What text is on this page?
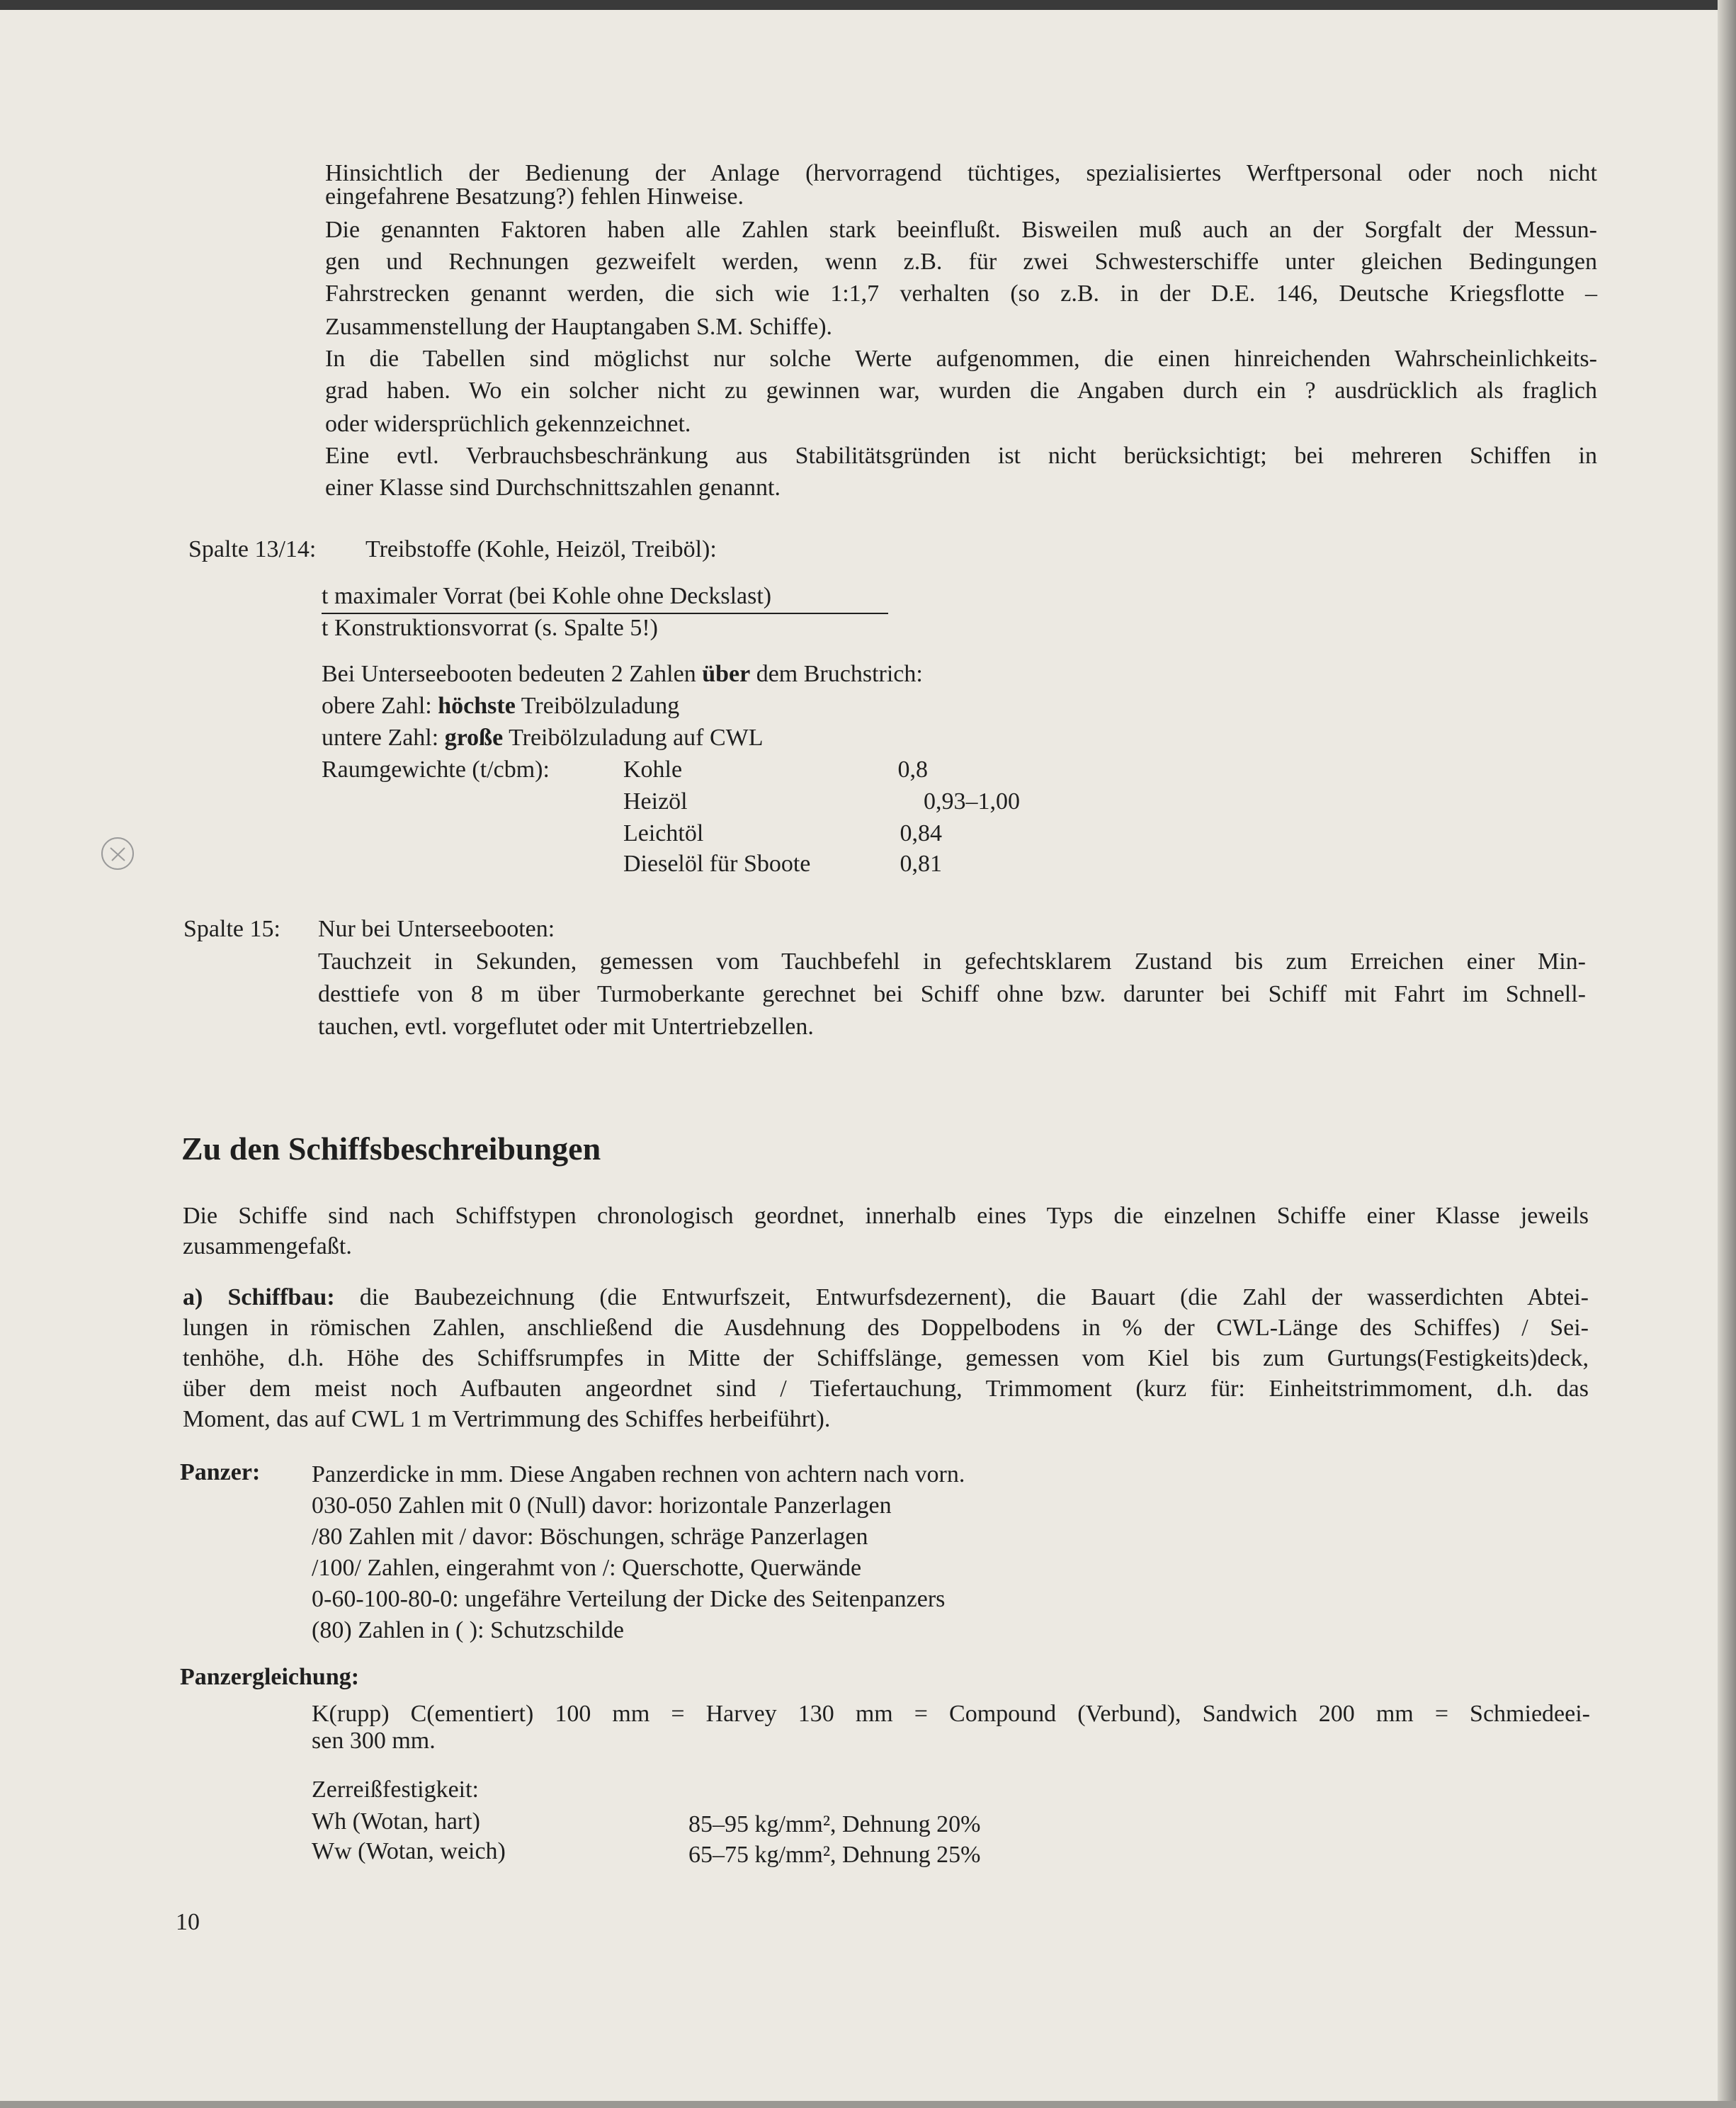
Hinsichtlich der Bedienung der Anlage (hervorragend tüchtiges, spezialisiertes Werftpersonal oder noch nicht
eingefahrene Besatzung?) fehlen Hinweise.
Die genannten Faktoren haben alle Zahlen stark beeinflußt. Bisweilen muß auch an der Sorgfalt der Messun-
gen und Rechnungen gezweifelt werden, wenn z.B. für zwei Schwesterschiffe unter gleichen Bedingungen
Fahrstrecken genannt werden, die sich wie 1:1,7 verhalten (so z.B. in der D.E. 146, Deutsche Kriegsflotte –
Zusammenstellung der Hauptangaben S.M. Schiffe).
In die Tabellen sind möglichst nur solche Werte aufgenommen, die einen hinreichenden Wahrscheinlichkeits-
grad haben. Wo ein solcher nicht zu gewinnen war, wurden die Angaben durch ein ? ausdrücklich als fraglich
oder widersprüchlich gekennzeichnet.
Eine evtl. Verbrauchsbeschränkung aus Stabilitätsgründen ist nicht berücksichtigt; bei mehreren Schiffen in
einer Klasse sind Durchschnittszahlen genannt.
Spalte 13/14: Treibstoffe (Kohle, Heizöl, Treiböl):
t maximaler Vorrat (bei Kohle ohne Deckslast)
t Konstruktionsvorrat (s. Spalte 5!)
Bei Unterseebooten bedeuten 2 Zahlen über dem Bruchstrich:
obere Zahl: höchste Treibölzuladung
untere Zahl: große Treibölzuladung auf CWL
Raumgewichte (t/cbm):	Kohle	0,8
Heizöl	0,93–1,00
Leichtöl	0,84
Dieselöl für Sboote	0,81
Spalte 15: Nur bei Unterseebooten:
Tauchzeit in Sekunden, gemessen vom Tauchbefehl in gefechtsklarem Zustand bis zum Erreichen einer Min-
desttiefe von 8 m über Turmoberkante gerechnet bei Schiff ohne bzw. darunter bei Schiff mit Fahrt im Schnell-
tauchen, evtl. vorgeflutet oder mit Untertriebzellen.
Zu den Schiffsbeschreibungen
Die Schiffe sind nach Schiffstypen chronologisch geordnet, innerhalb eines Typs die einzelnen Schiffe einer Klasse jeweils
zusammengefaßt.
a) Schiffbau: die Baubezeichnung (die Entwurfszeit, Entwurfsdezernent), die Bauart (die Zahl der wasserdichten Abtei-
lungen in römischen Zahlen, anschließend die Ausdehnung des Doppelbodens in % der CWL-Länge des Schiffes) / Sei-
tenhöhe, d.h. Höhe des Schiffsrumpfes in Mitte der Schiffslänge, gemessen vom Kiel bis zum Gurtungs(Festigkeits)deck,
über dem meist noch Aufbauten angeordnet sind / Tiefertauchung, Trimmoment (kurz für: Einheitstrimmoment, d.h. das
Moment, das auf CWL 1 m Vertrimmung des Schiffes herbeiführt).
Panzer: Panzerdicke in mm. Diese Angaben rechnen von achtern nach vorn.
030-050 Zahlen mit 0 (Null) davor: horizontale Panzerlagen
/80 Zahlen mit / davor: Böschungen, schräge Panzerlagen
/100/ Zahlen, eingerahmt von /: Querschotte, Querwände
0-60-100-80-0: ungefähre Verteilung der Dicke des Seitenpanzers
(80) Zahlen in ( ): Schutzschilde
Panzergleichung:
K(rupp) C(ementiert) 100 mm = Harvey 130 mm = Compound (Verbund), Sandwich 200 mm = Schmiedeei-
sen 300 mm.
Zerreißfestigkeit:
Wh (Wotan, hart)	85–95 kg/mm², Dehnung 20%
Ww (Wotan, weich)	65–75 kg/mm², Dehnung 25%
10
